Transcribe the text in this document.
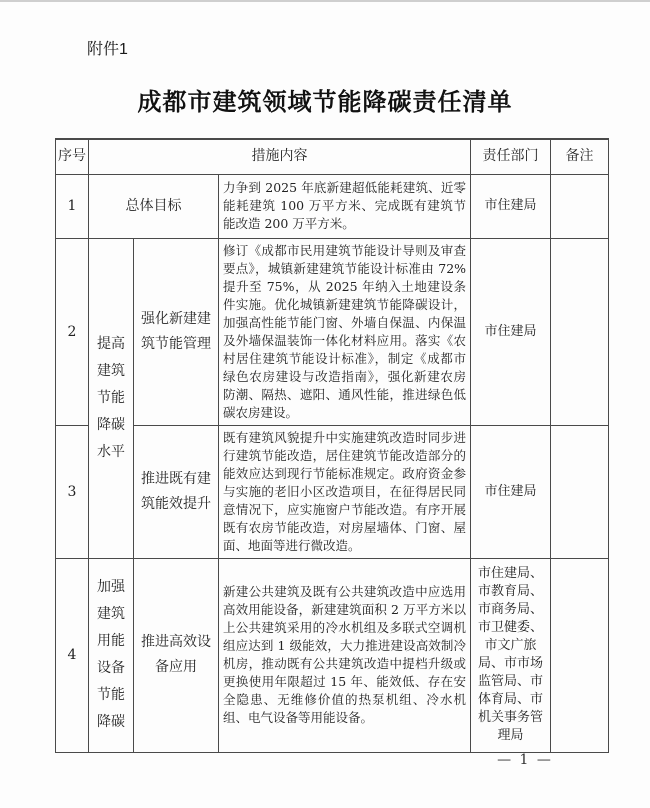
附件1
成都市建筑领域节能降碳责任清单
序号	措施内容			责任部门	备注
1	总体目标		力争到 2025 年底新建超低能耗建筑、近零能耗建筑 100 万平方米、完成既有建筑节能改造 200 万平方米。	市住建局	
2	提高建筑节能降碳水平	强化新建建筑节能管理	修订《成都市民用建筑节能设计导则及审查要点》，城镇新建建筑节能设计标准由 72%提升至 75%，从 2025 年纳入土地建设条件实施。优化城镇新建建筑节能降碳设计，加强高性能节能门窗、外墙自保温、内保温及外墙保温装饰一体化材料应用。落实《农村居住建筑节能设计标准》，制定《成都市绿色农房建设与改造指南》，强化新建农房防潮、隔热、遮阳、通风性能，推进绿色低碳农房建设。	市住建局	
3		推进既有建筑能效提升	既有建筑风貌提升中实施建筑改造时同步进行建筑节能改造，居住建筑节能改造部分的能效应达到现行节能标准规定。政府资金参与实施的老旧小区改造项目，在征得居民同意情况下，应实施窗户节能改造。有序开展既有农房节能改造，对房屋墙体、门窗、屋面、地面等进行微改造。	市住建局	
4	加强建筑用能设备节能降碳	推进高效设备应用	新建公共建筑及既有公共建筑改造中应选用高效用能设备，新建建筑面积 2 万平方米以上公共建筑采用的冷水机组及多联式空调机组应达到 1 级能效，大力推进建设高效制冷机房，推动既有公共建筑改造中提档升级或更换使用年限超过 15 年、能效低、存在安全隐患、无维修价值的热泵机组、冷水机组、电气设备等用能设备。	市住建局、市教育局、市商务局、市卫健委、市文广旅局、市市场监管局、市体育局、市机关事务管理局	
— 1 —
